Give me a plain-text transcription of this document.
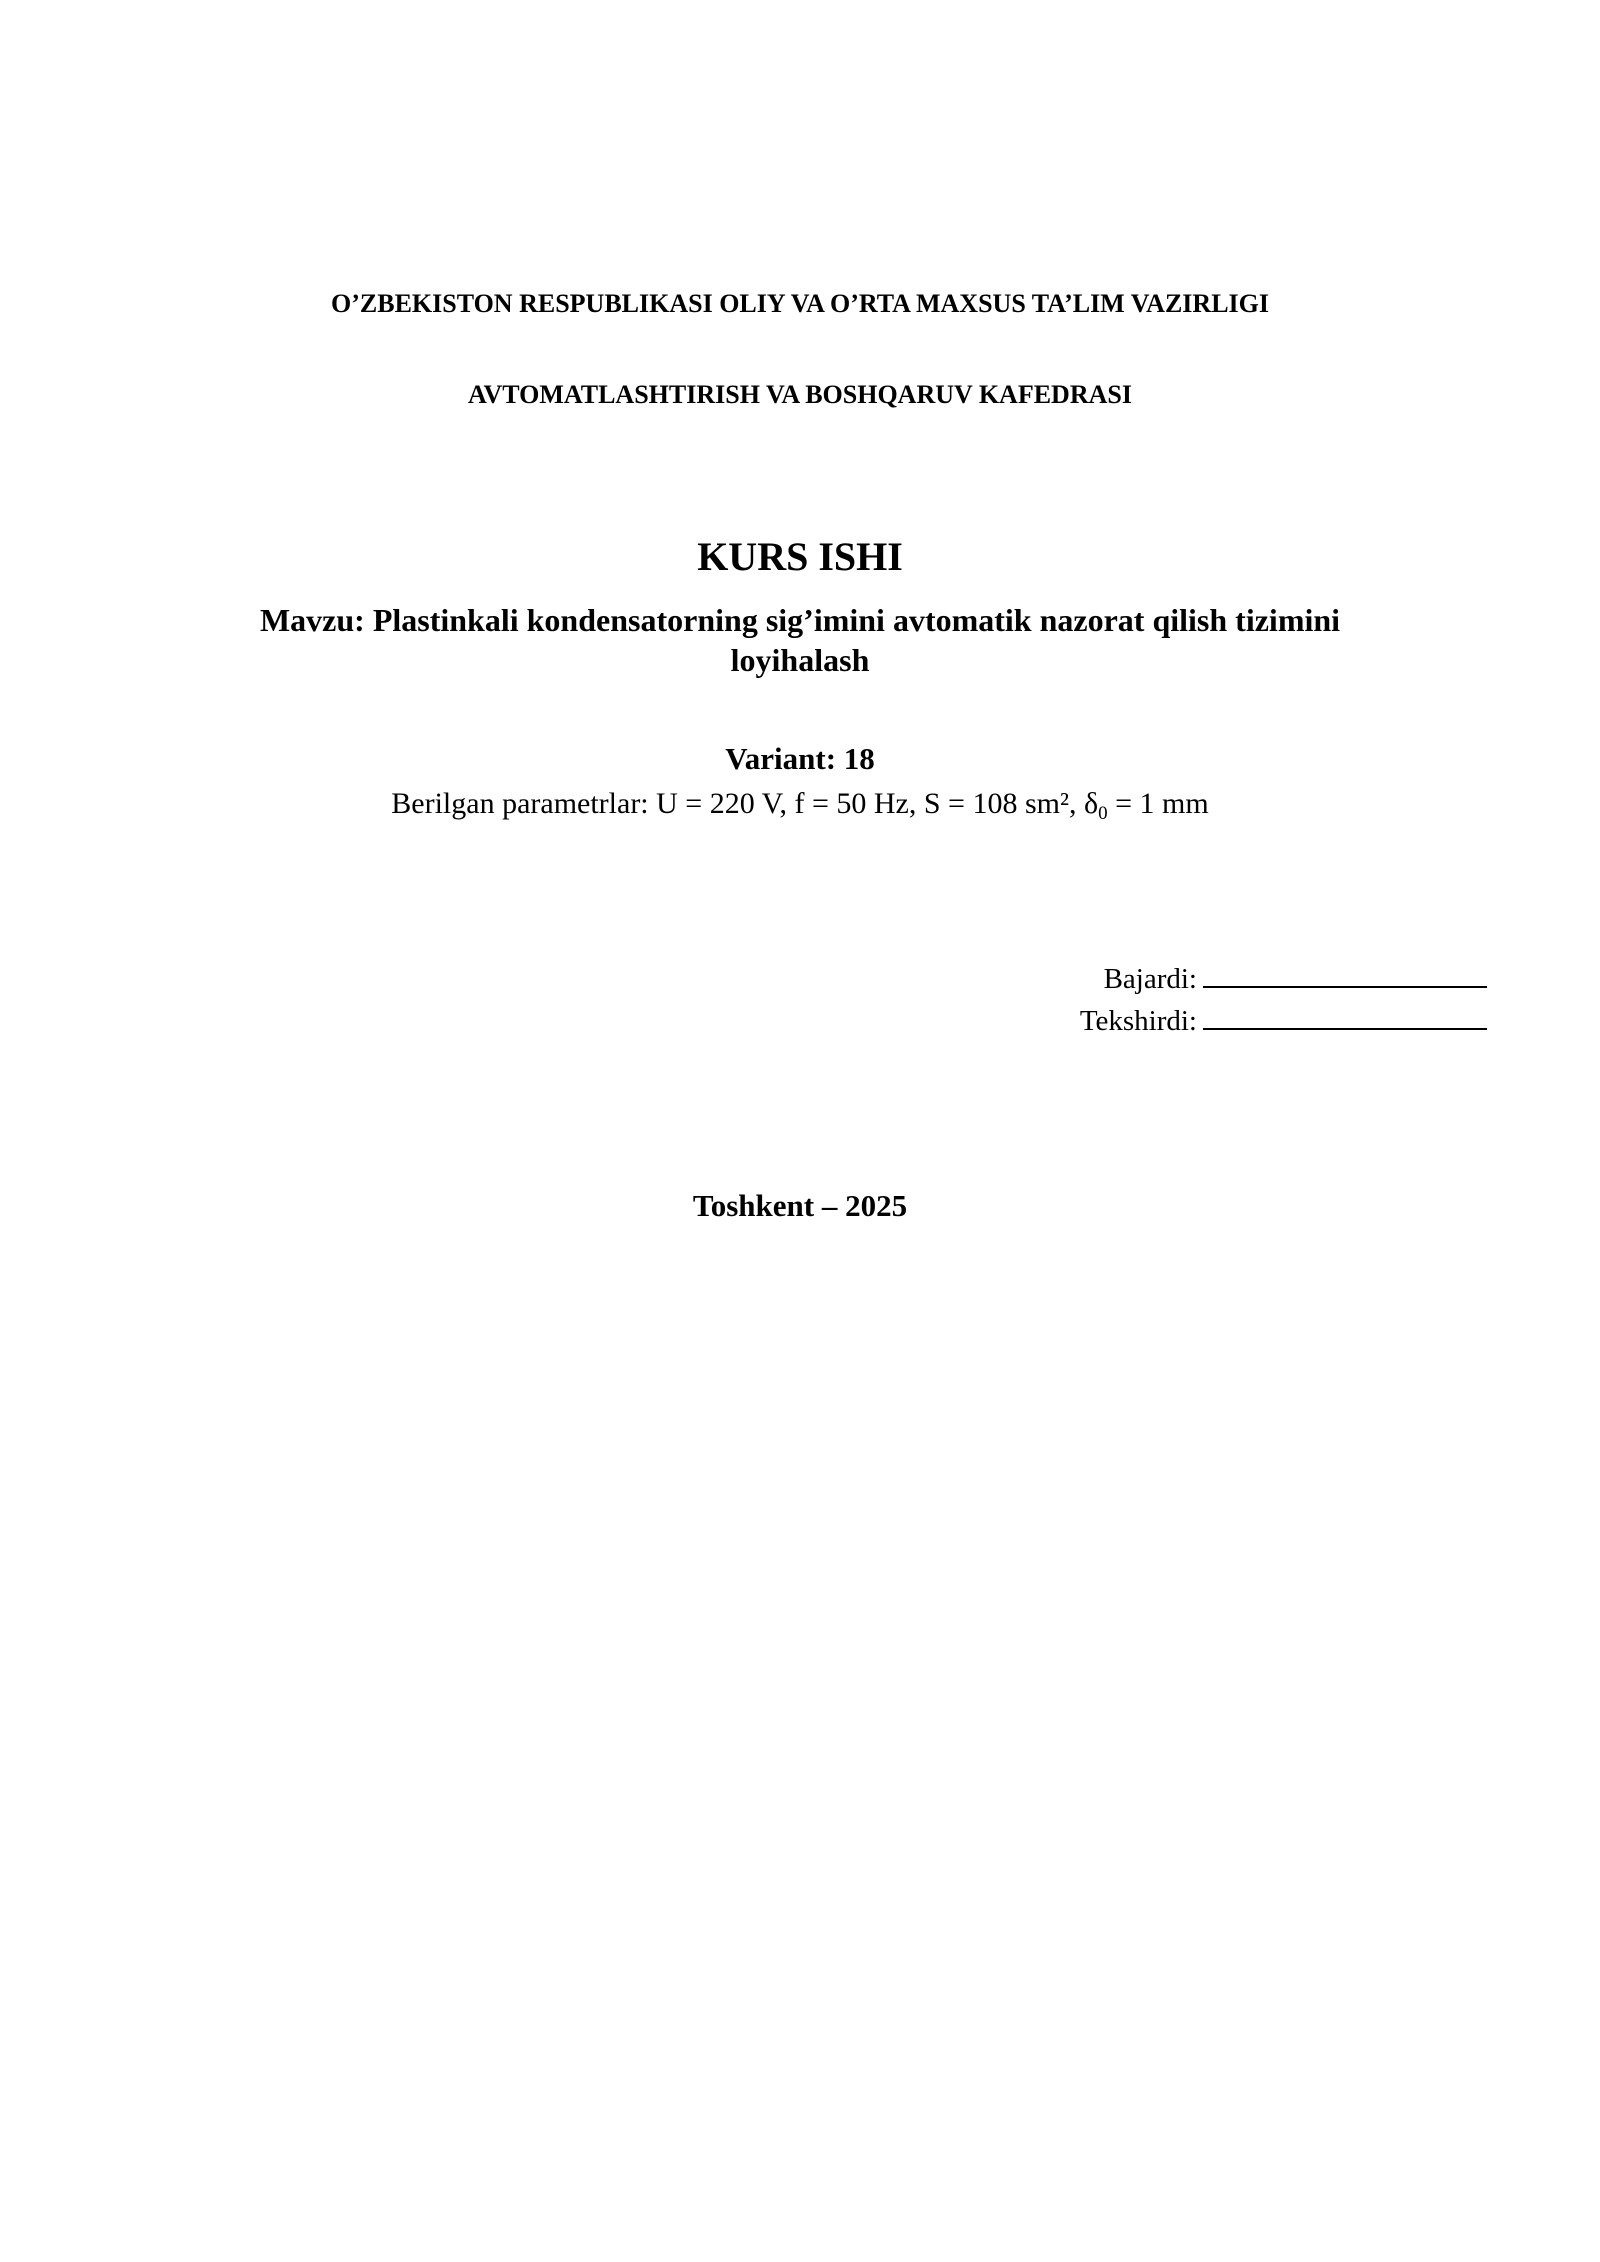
O’ZBEKISTON RESPUBLIKASI OLIY VA O’RTA MAXSUS TA’LIM VAZIRLIGI
AVTOMATLASHTIRISH VA BOSHQARUV KAFEDRASI
KURS ISHI
Mavzu: Plastinkali kondensatorning sig’imini avtomatik nazorat qilish tizimini loyihalash
Variant: 18
Berilgan parametrlar: U = 220 V, f = 50 Hz, S = 108 sm², $\delta_0 = 1$ mm
Bajardi:
Tekshirdi:
Toshkent – 2025
